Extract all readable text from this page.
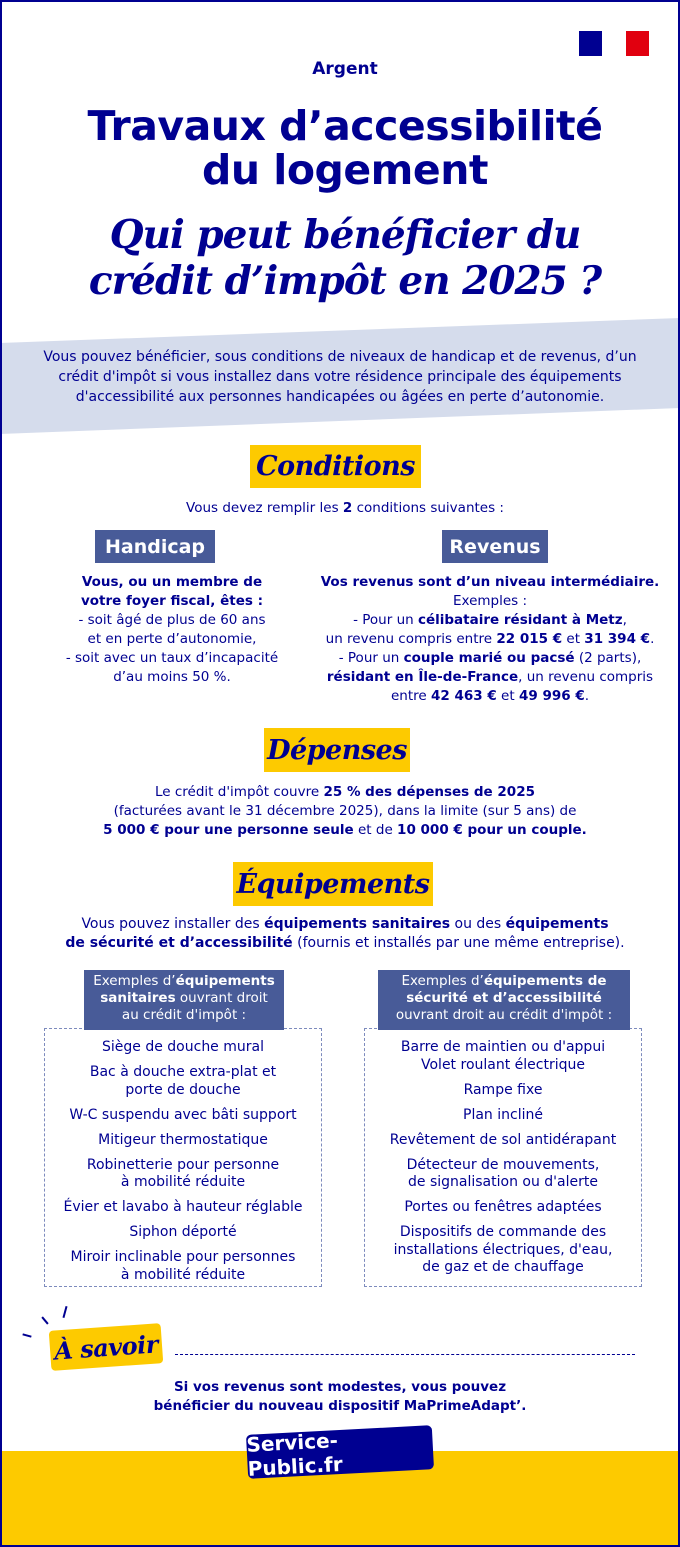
Argent
Travaux d’accessibilité
du logement
Qui peut bénéficier du
crédit d’impôt en 2025 ?
Vous pouvez bénéficier, sous conditions de niveaux de handicap et de revenus, d’un
crédit d'impôt si vous installez dans votre résidence principale des équipements
d'accessibilité aux personnes handicapées ou âgées en perte d’autonomie.
Conditions
Vous devez remplir les 2 conditions suivantes :
Handicap	Revenus
Vous, ou un membre de
votre foyer fiscal, êtes :
- soit âgé de plus de 60 ans
et en perte d’autonomie,
- soit avec un taux d’incapacité
d’au moins 50 %.
Vos revenus sont d’un niveau intermédiaire.
Exemples :
- Pour un célibataire résidant à Metz,
un revenu compris entre 22 015 € et 31 394 €.
- Pour un couple marié ou pacsé (2 parts),
résidant en Île-de-France, un revenu compris
entre 42 463 € et 49 996 €.
Dépenses
Le crédit d'impôt couvre 25 % des dépenses de 2025
(facturées avant le 31 décembre 2025), dans la limite (sur 5 ans) de
5 000 € pour une personne seule et de 10 000 € pour un couple.
Équipements
Vous pouvez installer des équipements sanitaires ou des équipements
de sécurité et d’accessibilité (fournis et installés par une même entreprise).
Exemples d’équipements
sanitaires ouvrant droit
au crédit d'impôt :
Siège de douche mural
Bac à douche extra-plat et
porte de douche
W-C suspendu avec bâti support
Mitigeur thermostatique
Robinetterie pour personne
à mobilité réduite
Évier et lavabo à hauteur réglable
Siphon déporté
Miroir inclinable pour personnes
à mobilité réduite
Exemples d’équipements de
sécurité et d’accessibilité
ouvrant droit au crédit d'impôt :
Barre de maintien ou d'appui
Volet roulant électrique
Rampe fixe
Plan incliné
Revêtement de sol antidérapant
Détecteur de mouvements,
de signalisation ou d'alerte
Portes ou fenêtres adaptées
Dispositifs de commande des
installations électriques, d'eau,
de gaz et de chauffage
À savoir
Si vos revenus sont modestes, vous pouvez
bénéficier du nouveau dispositif MaPrimeAdapt’.
Service-Public.fr
